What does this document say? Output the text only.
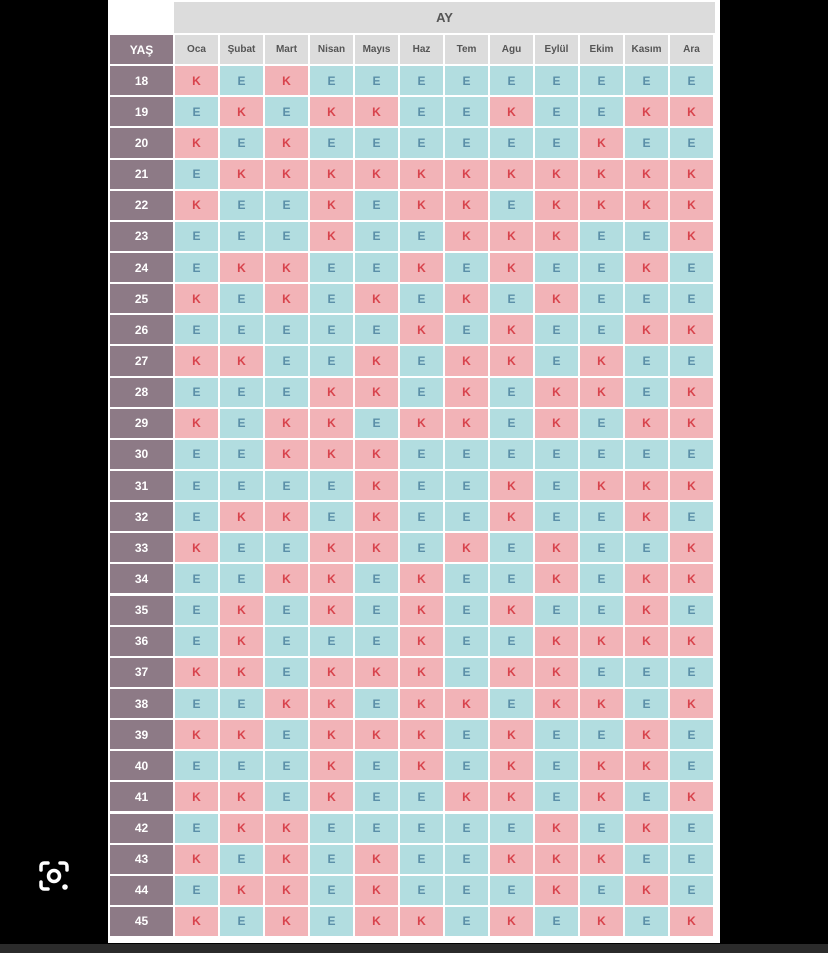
AY
YAŞ	Oca	Şubat	Mart	Nisan	Mayıs	Haz	Tem	Agu	Eylül	Ekim	Kasım	Ara
18	K	E	K	E	E	E	E	E	E	E	E	E
19	E	K	E	K	K	E	E	K	E	E	K	K
20	K	E	K	E	E	E	E	E	E	K	E	E
21	E	K	K	K	K	K	K	K	K	K	K	K
22	K	E	E	K	E	K	K	E	K	K	K	K
23	E	E	E	K	E	E	K	K	K	E	E	K
24	E	K	K	E	E	K	E	K	E	E	K	E
25	K	E	K	E	K	E	K	E	K	E	E	E
26	E	E	E	E	E	K	E	K	E	E	K	K
27	K	K	E	E	K	E	K	K	E	K	E	E
28	E	E	E	K	K	E	K	E	K	K	E	K
29	K	E	K	K	E	K	K	E	K	E	K	K
30	E	E	K	K	K	E	E	E	E	E	E	E
31	E	E	E	E	K	E	E	K	E	K	K	K
32	E	K	K	E	K	E	E	K	E	E	K	E
33	K	E	E	K	K	E	K	E	K	E	E	K
34	E	E	K	K	E	K	E	E	K	E	K	K
35	E	K	E	K	E	K	E	K	E	E	K	E
36	E	K	E	E	E	K	E	E	K	K	K	K
37	K	K	E	K	K	K	E	K	K	E	E	E
38	E	E	K	K	E	K	K	E	K	K	E	K
39	K	K	E	K	K	K	E	K	E	E	K	E
40	E	E	E	K	E	K	E	K	E	K	K	E
41	K	K	E	K	E	E	K	K	E	K	E	K
42	E	K	K	E	E	E	E	E	K	E	K	E
43	K	E	K	E	K	E	E	K	K	K	E	E
44	E	K	K	E	K	E	E	E	K	E	K	E
45	K	E	K	E	K	K	E	K	E	K	E	K
